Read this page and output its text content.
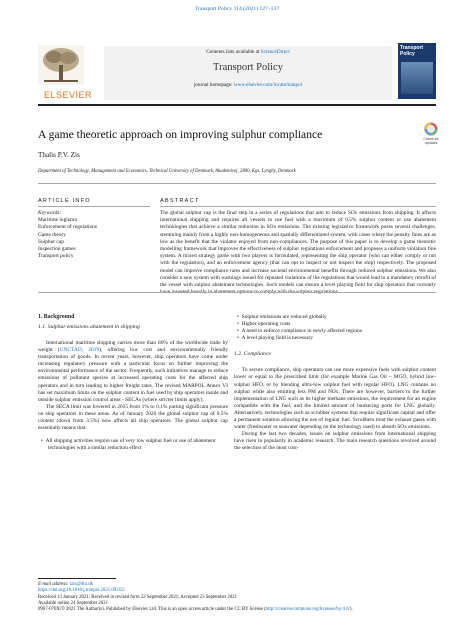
Transport Policy 114 (2021) 127–137
ELSEVIER
Contents lists available at ScienceDirect
Transport Policy
journal homepage: www.elsevier.com/locate/tranpol
Transport Policy
A game theoretic approach on improving sulphur compliance	Check for updates
Thalis P.V. Zis
Department of Technology, Management and Economics, Technical University of Denmark, Akademivej, 2800, Kgs. Lyngby, Denmark
ARTICLE INFO	ABSTRACT
Keywords:
Maritime logistics
Enforcement of regulations
Game theory
Sulphur cap
Inspection games
Transport policy
The global sulphur cap is the final step in a series of regulations that aim to reduce SOx emissions from shipping. It affects international shipping and requires all vessels to use fuel with a maximum of 0.5% sulphur content or use abatement technologies that achieve a similar reduction in SOx emissions. The existing legislative framework poses several challenges, stemming mainly from a highly non-homogeneous and spatially differentiated system, with cases where the penalty fines are as low as the benefit that the violator enjoyed from non-compliances. The purpose of this paper is to develop a game theoretic modelling framework that improves the effectiveness of sulphur regulations enforcement and proposes a uniform violation fine system. A mixed strategy game with two players is formulated, representing the ship operator (who can either comply or not with the regulation), and an enforcement agency (that can opt to inspect or not inspect the ship) respectively. The proposed model can improve compliance rates and increase societal environmental benefits through reduced sulphur emissions. We also consider a new system with warnings issued for repeated violations of the regulations that would lead to a mandatory retrofit of the vessel with sulphur abatement technologies. Such models can ensure a level playing field for ship operators that currently
1. Background
1.1. Sulphur emissions abatement in shipping

International maritime shipping carries more than 80% of the worldwide trade by weight (UNCTAD, 2019), offering low cost and environmentally friendly transportation of goods. In recent years, however, ship operators have come under increasing regulatory pressure with a particular focus on further improving the environmental performance of the sector. Frequently, such initiatives manage to reduce emissions of pollutant species at increased operating costs for the affected ship operators and in turn leading to higher freight rates. The revised MARPOL Annex VI has set maximum limits on the sulphur content in fuel used by ship operators inside and outside sulphur emission control areas - SECAs (where stricter limits apply).

The SECA limit was lowered in 2015 from 1% to 0.1% putting significant pressure on ship operators in these areas. As of January 2020 the global sulphur cap of 0.5% content (down from 3.5%) now affects all ship operators. The global sulphur cap essentially means that:

•  All shipping activities require use of very low sulphur fuel or use of abatement technologies with a similar reduction effect

•  Sulphur emissions are reduced globally

•  Higher operating costs

•  A need to enforce compliance in newly affected regions

•  A level playing field is necessary

1.2. Compliance

To secure compliance, ship operators can use more expensive fuels with sulphur content lower or equal to the prescribed limit (for example Marine Gas Oil – MGO, hybrid low-sulphur HFO, or by blending ultra-low sulphur fuel with regular HFO). LNG contains no sulphur while also emitting less PM and NOx. There are however, barriers to the further implementation of LNG such as its higher methane emissions, the requirement for an engine compatible with the fuel, and the limited amount of bunkering ports for LNG globally. Alternatively, technologies such as scrubber systems that require significant capital and offer a permanent solution allowing the use of regular fuel. Scrubbers treat the exhaust gases with water (freshwater or seawater depending on the technology used) to absorb SOx emissions.

During the last two decades, issues on sulphur emissions from international shipping have risen in popularity in academic research. The main research questions revolved around the selection of the most cost-

E-mail address: tzis@dtu.dk
https://doi.org/10.1016/j.tranpol.2021.09.012
Received 13 January 2021; Received in revised form 22 September 2021; Accepted 23 September 2021
Available online 24 September 2021
0967-070X/© 2021 The Author(s). Published by Elsevier Ltd. This is an open access article under the CC BY license (http://creativecommons.org/licenses/by/4.0/).
